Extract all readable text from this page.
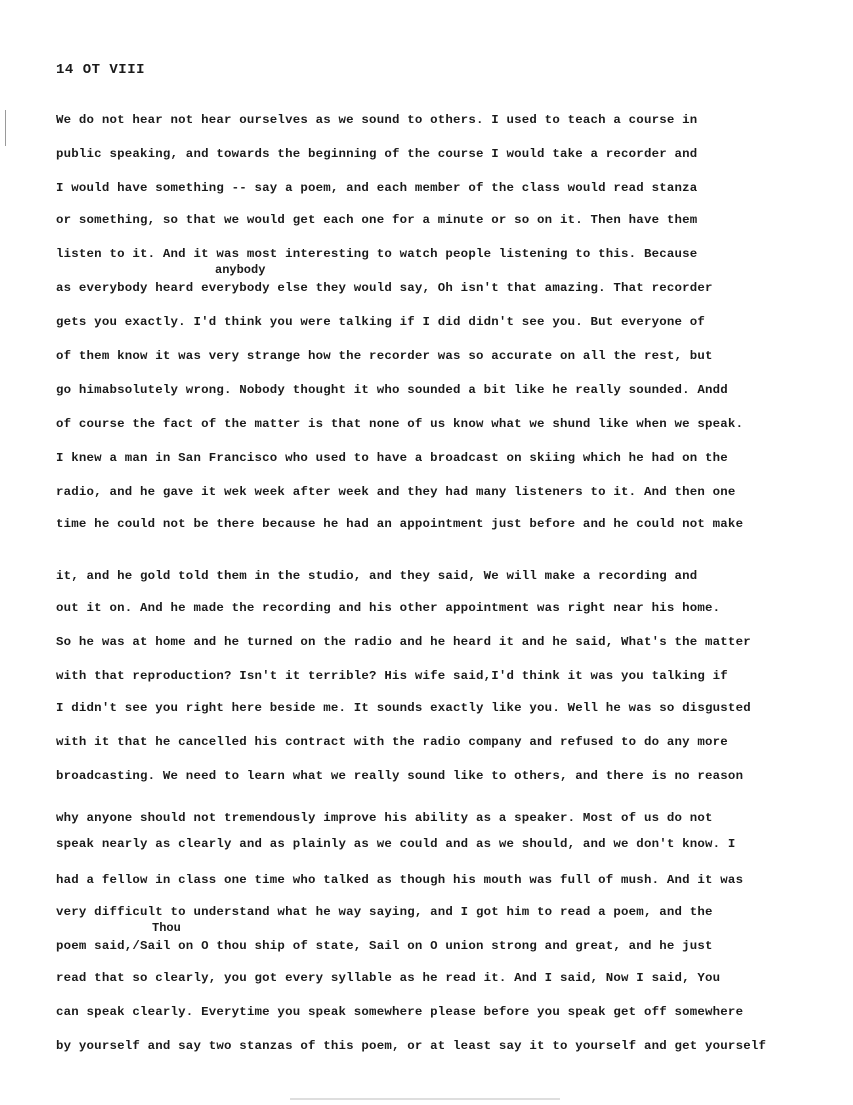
14 OT VIII
anybody
Thou
We do not hear not hear ourselves as we sound to others. I used to teach a course in
public speaking, and towards the beginning of the course I would take a recorder and
I would have something -- say a poem, and each member of the class would read stanza
or something, so that we would get each one for a minute or so on it. Then have them
listen to it. And it was most interesting to watch people listening to this. Because
as everybody heard everybody else they would say, Oh isn't that amazing. That recorder
gets you exactly. I'd think you were talking if I did didn't see you. But everyone of
of them know it was very strange how the recorder was so accurate on all the rest, but
go himabsolutely wrong. Nobody thought it who sounded a bit like he really sounded. Andd
of course the fact of the matter is that none of us know what we shund like when we speak.
I knew a man in San Francisco who used to have a broadcast on skiing which he had on the
radio, and he gave it wek week after week and they had many listeners to it. And then one
time he could not be there because he had an appointment just before and he could not make
it, and he gold told them in the studio, and they said, We will make a recording and
out it on. And he made the recording and his other appointment was right near his home.
So he was at home and he turned on the radio and he heard it and he said, What's the matter
with that reproduction? Isn't it terrible? His wife said,I'd think it was you talking if
I didn't see you right here beside me. It sounds exactly like you. Well he was so disgusted
with it that he cancelled his contract with the radio company and refused to do any more
broadcasting. We need to learn what we really sound like to others, and there is no reason
why anyone should not tremendously improve his ability as a speaker. Most of us do not
speak nearly as clearly and as plainly as we could and as we should, and we don't know. I
had a fellow in class one time who talked as though his mouth was full of mush. And it was
very difficult to understand what he way saying, and I got him to read a poem, and the
poem said,/Sail on O thou ship of state, Sail on O union strong and great, and he just
read that so clearly, you got every syllable as he read it. And I said, Now I said, You
can speak clearly. Everytime you speak somewhere please before you speak get off somewhere
by yourself and say two stanzas of this poem, or at least say it to yourself and get yourself
